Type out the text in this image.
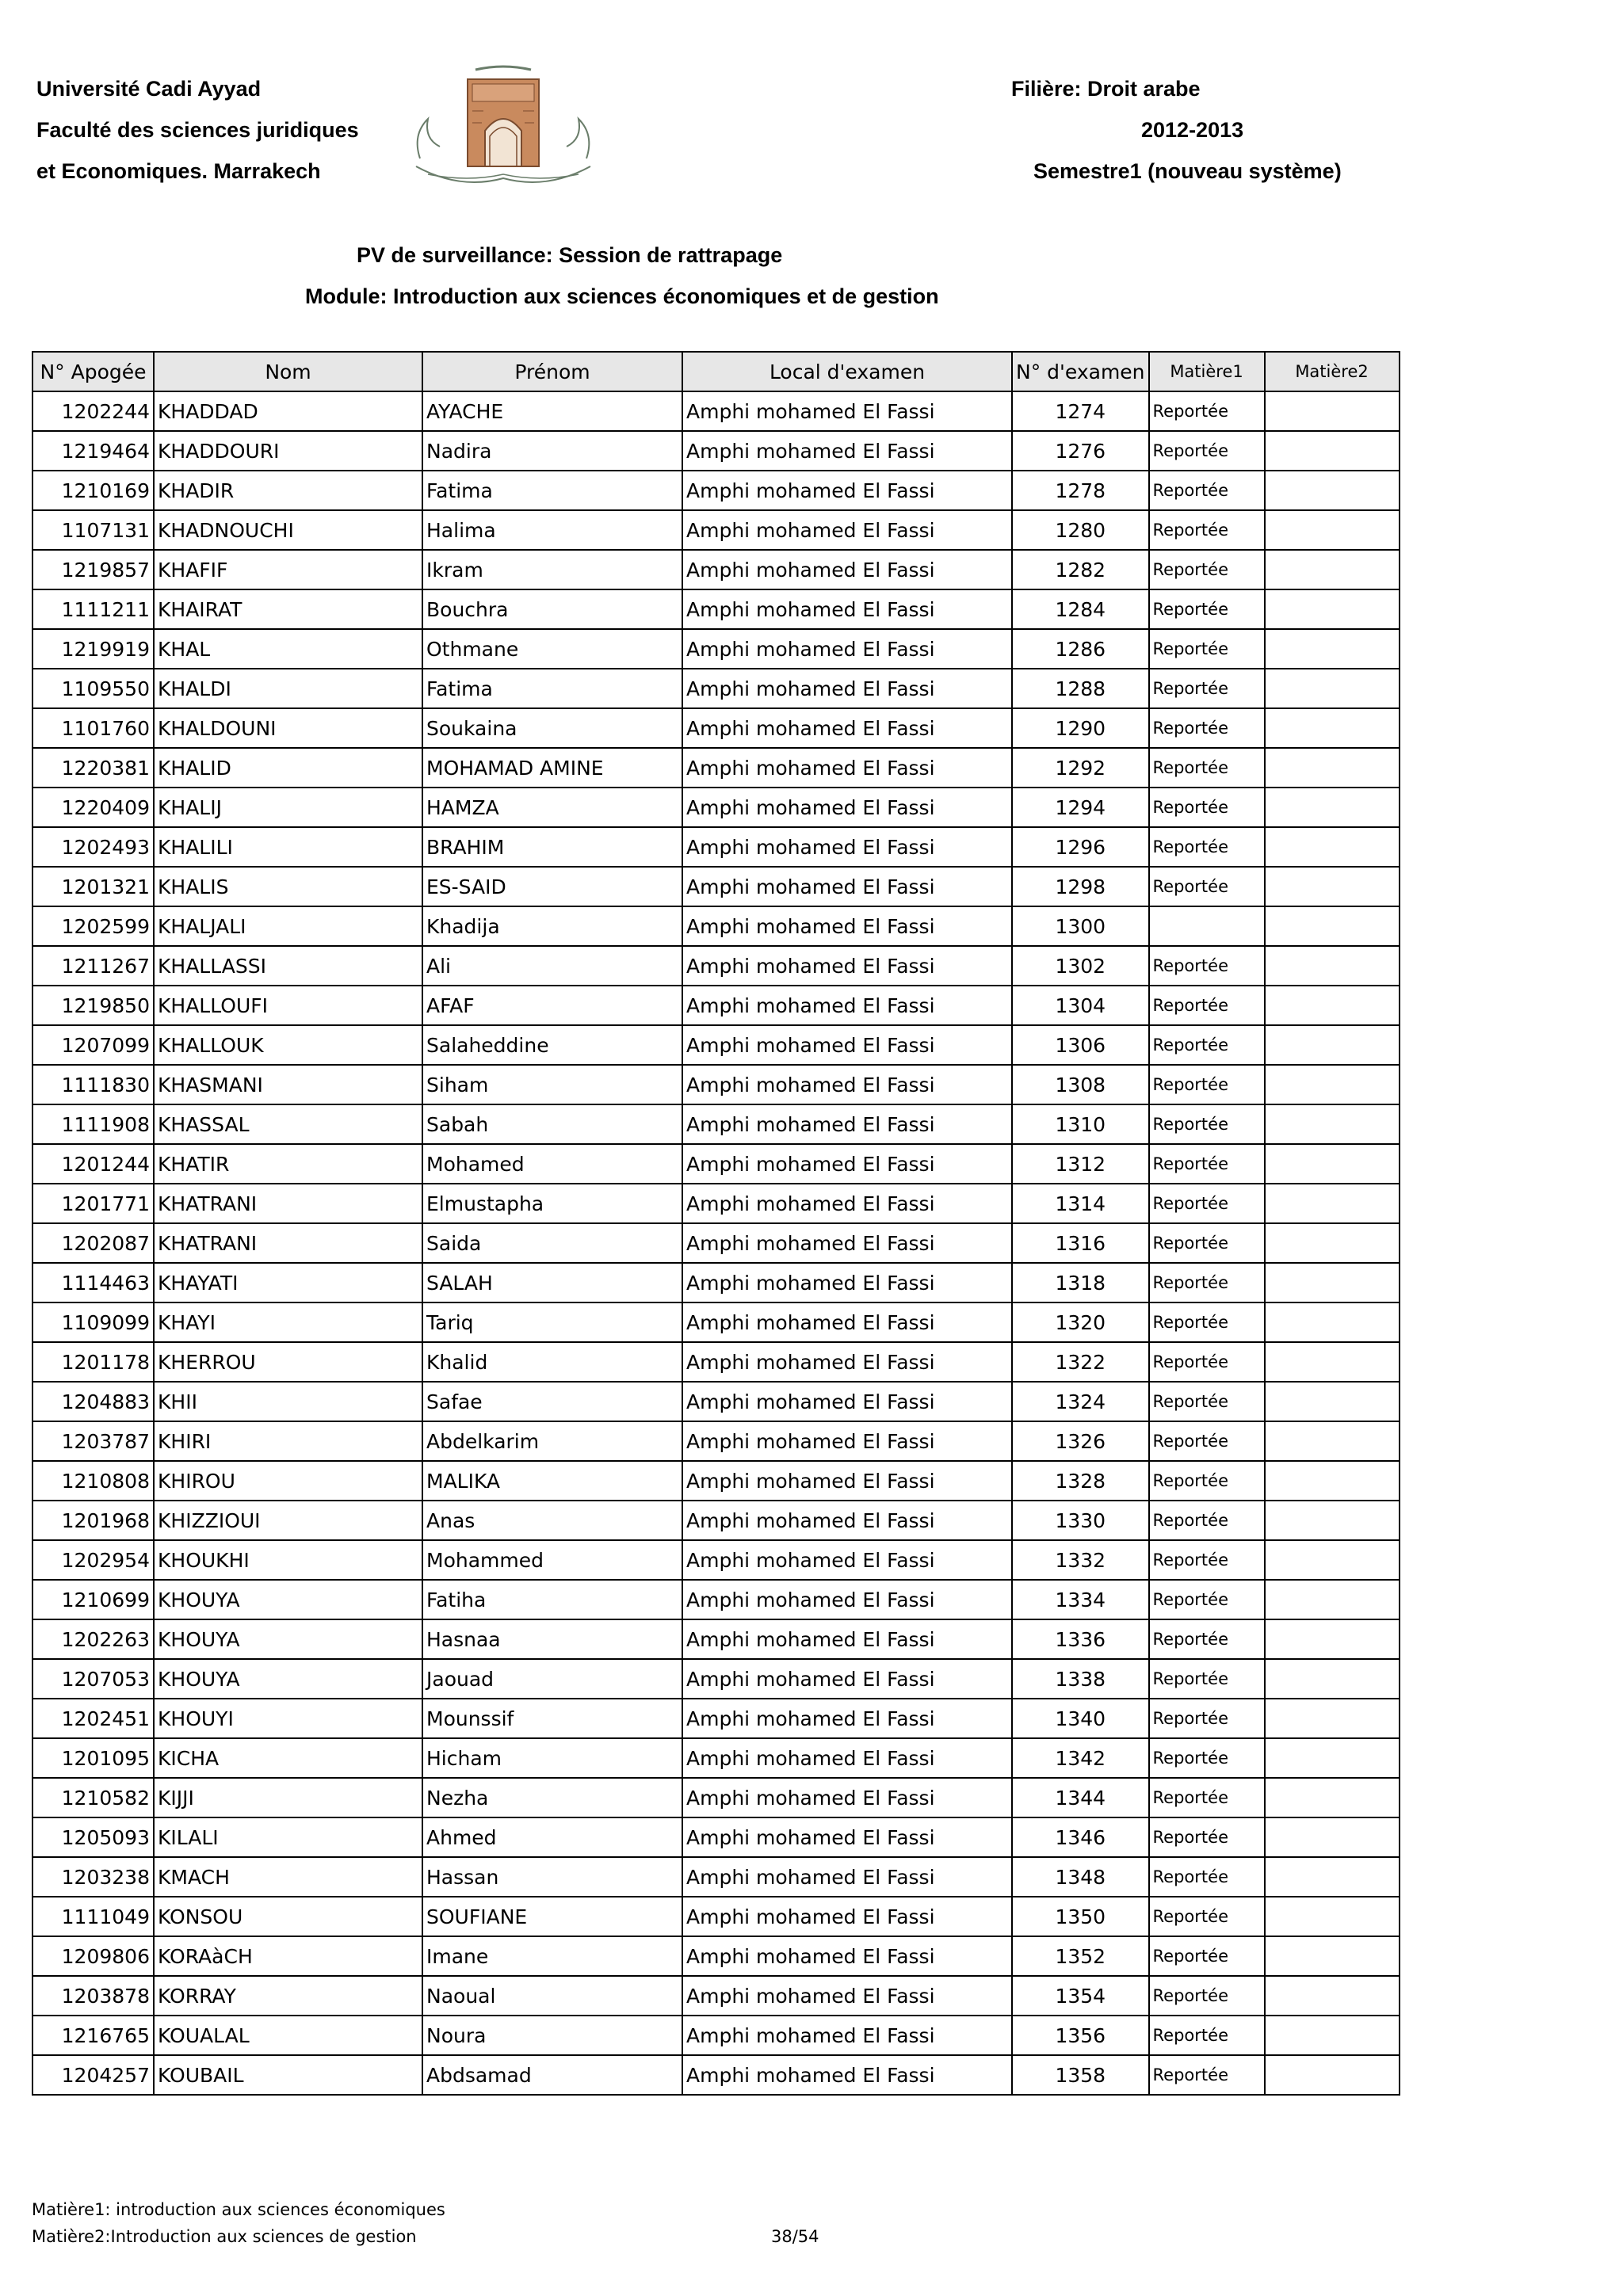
Université Cadi Ayyad
Faculté des sciences juridiques
et Economiques. Marrakech
Filière: Droit arabe
2012-2013
Semestre1 (nouveau système)
PV de surveillance: Session de rattrapage
Module: Introduction aux sciences économiques et de gestion
N° Apogée	Nom	Prénom	Local d'examen	N° d'examen	Matière1	Matière2
1202244	KHADDAD	AYACHE	Amphi mohamed El Fassi	1274	Reportée	
1219464	KHADDOURI	Nadira	Amphi mohamed El Fassi	1276	Reportée	
1210169	KHADIR	Fatima	Amphi mohamed El Fassi	1278	Reportée	
1107131	KHADNOUCHI	Halima	Amphi mohamed El Fassi	1280	Reportée	
1219857	KHAFIF	Ikram	Amphi mohamed El Fassi	1282	Reportée	
1111211	KHAIRAT	Bouchra	Amphi mohamed El Fassi	1284	Reportée	
1219919	KHAL	Othmane	Amphi mohamed El Fassi	1286	Reportée	
1109550	KHALDI	Fatima	Amphi mohamed El Fassi	1288	Reportée	
1101760	KHALDOUNI	Soukaina	Amphi mohamed El Fassi	1290	Reportée	
1220381	KHALID	MOHAMAD AMINE	Amphi mohamed El Fassi	1292	Reportée	
1220409	KHALIJ	HAMZA	Amphi mohamed El Fassi	1294	Reportée	
1202493	KHALILI	BRAHIM	Amphi mohamed El Fassi	1296	Reportée	
1201321	KHALIS	ES-SAID	Amphi mohamed El Fassi	1298	Reportée	
1202599	KHALJALI	Khadija	Amphi mohamed El Fassi	1300		
1211267	KHALLASSI	Ali	Amphi mohamed El Fassi	1302	Reportée	
1219850	KHALLOUFI	AFAF	Amphi mohamed El Fassi	1304	Reportée	
1207099	KHALLOUK	Salaheddine	Amphi mohamed El Fassi	1306	Reportée	
1111830	KHASMANI	Siham	Amphi mohamed El Fassi	1308	Reportée	
1111908	KHASSAL	Sabah	Amphi mohamed El Fassi	1310	Reportée	
1201244	KHATIR	Mohamed	Amphi mohamed El Fassi	1312	Reportée	
1201771	KHATRANI	Elmustapha	Amphi mohamed El Fassi	1314	Reportée	
1202087	KHATRANI	Saida	Amphi mohamed El Fassi	1316	Reportée	
1114463	KHAYATI	SALAH	Amphi mohamed El Fassi	1318	Reportée	
1109099	KHAYI	Tariq	Amphi mohamed El Fassi	1320	Reportée	
1201178	KHERROU	Khalid	Amphi mohamed El Fassi	1322	Reportée	
1204883	KHII	Safae	Amphi mohamed El Fassi	1324	Reportée	
1203787	KHIRI	Abdelkarim	Amphi mohamed El Fassi	1326	Reportée	
1210808	KHIROU	MALIKA	Amphi mohamed El Fassi	1328	Reportée	
1201968	KHIZZIOUI	Anas	Amphi mohamed El Fassi	1330	Reportée	
1202954	KHOUKHI	Mohammed	Amphi mohamed El Fassi	1332	Reportée	
1210699	KHOUYA	Fatiha	Amphi mohamed El Fassi	1334	Reportée	
1202263	KHOUYA	Hasnaa	Amphi mohamed El Fassi	1336	Reportée	
1207053	KHOUYA	Jaouad	Amphi mohamed El Fassi	1338	Reportée	
1202451	KHOUYI	Mounssif	Amphi mohamed El Fassi	1340	Reportée	
1201095	KICHA	Hicham	Amphi mohamed El Fassi	1342	Reportée	
1210582	KIJJI	Nezha	Amphi mohamed El Fassi	1344	Reportée	
1205093	KILALI	Ahmed	Amphi mohamed El Fassi	1346	Reportée	
1203238	KMACH	Hassan	Amphi mohamed El Fassi	1348	Reportée	
1111049	KONSOU	SOUFIANE	Amphi mohamed El Fassi	1350	Reportée	
1209806	KORAàCH	Imane	Amphi mohamed El Fassi	1352	Reportée	
1203878	KORRAY	Naoual	Amphi mohamed El Fassi	1354	Reportée	
1216765	KOUALAL	Noura	Amphi mohamed El Fassi	1356	Reportée	
1204257	KOUBAIL	Abdsamad	Amphi mohamed El Fassi	1358	Reportée	
Matière1: introduction aux sciences économiques
Matière2:Introduction aux sciences de gestion	38/54
